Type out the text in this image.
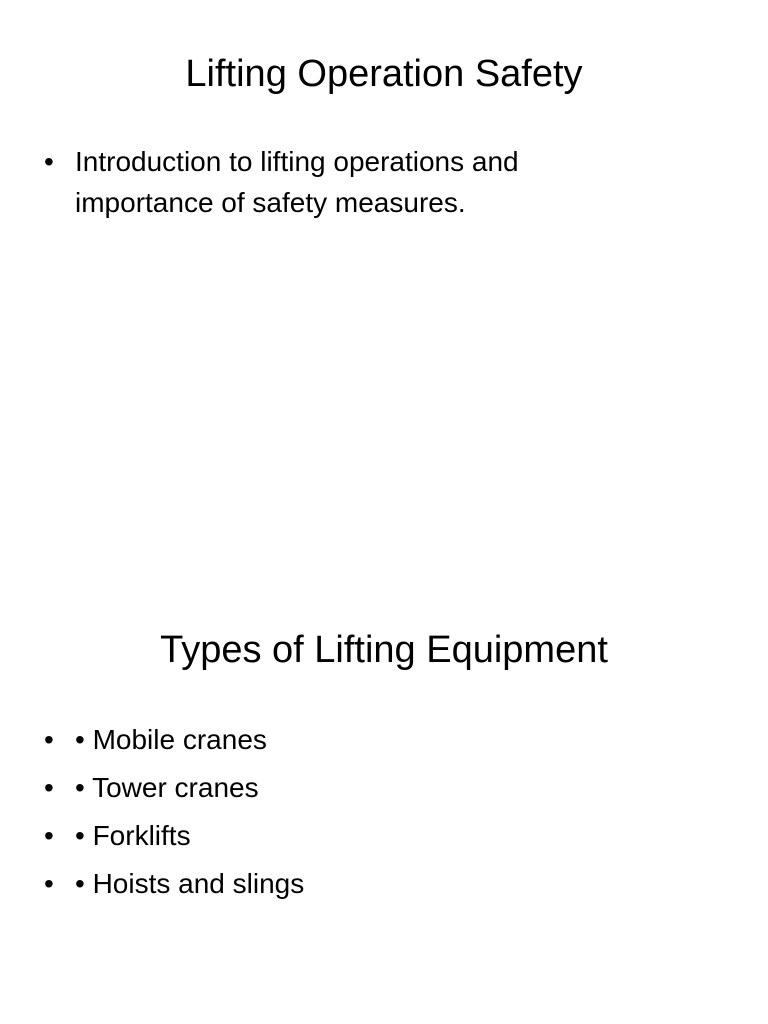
Lifting Operation Safety
• Introduction to lifting operations and importance of safety measures.
Types of Lifting Equipment
• • Mobile cranes
• • Tower cranes
• • Forklifts
• • Hoists and slings
